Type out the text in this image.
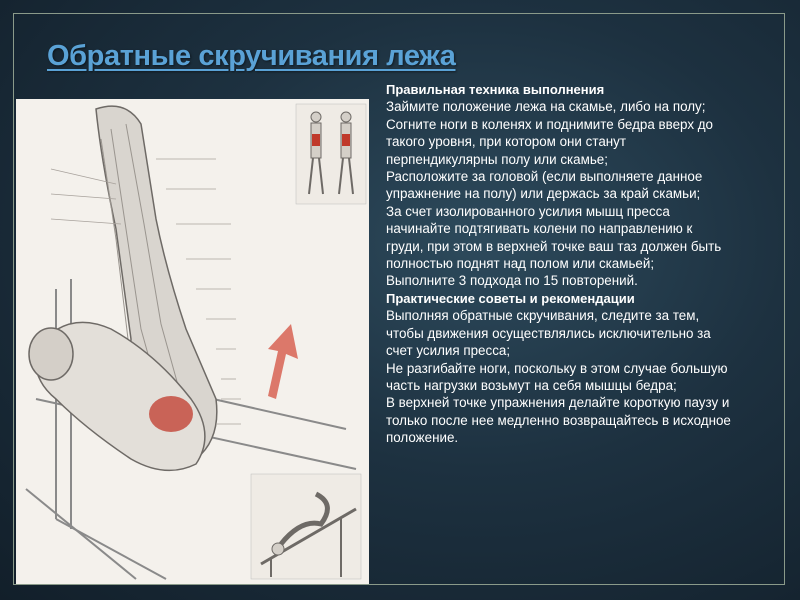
Обратные скручивания лежа
Правильная техника выполнения
Займите положение лежа на скамье, либо на полу;
Согните ноги в коленях и поднимите бедра вверх до
такого уровня, при котором они станут
перпендикулярны полу или скамье;
Расположите за головой (если выполняете данное
упражнение на полу) или держась за край скамьи;
За счет изолированного усилия мышц пресса
начинайте подтягивать колени по направлению к
груди, при этом в верхней точке ваш таз должен быть
полностью поднят над полом или скамьей;
Выполните 3 подхода по 15 повторений.
Практические советы и рекомендации
Выполняя обратные скручивания, следите за тем,
чтобы движения осуществлялись исключительно за
счет усилия пресса;
Не разгибайте ноги, поскольку в этом случае большую
часть нагрузки возьмут на себя мышцы бедра;
В верхней точке упражнения делайте короткую паузу и
только после нее медленно возвращайтесь в исходное
положение.
